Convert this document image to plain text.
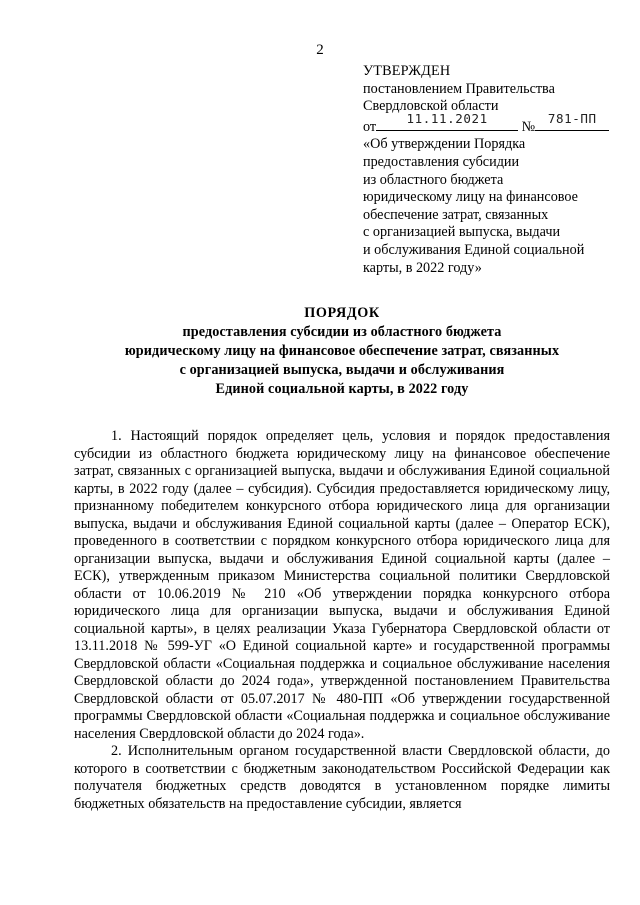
2
УТВЕРЖДЕН
постановлением Правительства
Свердловской области
от
11.11.2021
№
781-ПП
«Об утверждении Порядка
предоставления субсидии
из областного бюджета
юридическому лицу на финансовое
обеспечение затрат, связанных
с организацией выпуска, выдачи
и обслуживания Единой социальной
карты, в 2022 году»
ПОРЯДОК
предоставления субсидии из областного бюджета
юридическому лицу на финансовое обеспечение затрат, связанных
с организацией выпуска, выдачи и обслуживания
Единой социальной карты, в 2022 году

1. Настоящий порядок определяет цель, условия и порядок предоставления субсидии из областного бюджета юридическому лицу на финансовое обеспечение затрат, связанных с организацией выпуска, выдачи и обслуживания Единой социальной карты, в 2022 году (далее – субсидия). Субсидия предоставляется юридическому лицу, признанному победителем конкурсного отбора юридического лица для организации выпуска, выдачи и обслуживания Единой социальной карты (далее – Оператор ЕСК), проведенного в соответствии с порядком конкурсного отбора юридического лица для организации выпуска, выдачи и обслуживания Единой социальной карты (далее – ЕСК), утвержденным приказом Министерства социальной политики Свердловской области от 10.06.2019 № 210 «Об утверждении порядка конкурсного отбора юридического лица для организации выпуска, выдачи и обслуживания Единой социальной карты», в целях реализации Указа Губернатора Свердловской области от 13.11.2018 № 599-УГ «О Единой социальной карте» и государственной программы Свердловской области «Социальная поддержка и социальное обслуживание населения Свердловской области до 2024 года», утвержденной постановлением Правительства Свердловской области от 05.07.2017 № 480-ПП «Об утверждении государственной программы Свердловской области «Социальная поддержка и социальное обслуживание населения Свердловской области до 2024 года».

2. Исполнительным органом государственной власти Свердловской области, до которого в соответствии с бюджетным законодательством Российской Федерации как получателя бюджетных средств доводятся в установленном порядке лимиты бюджетных обязательств на предоставление субсидии, является
